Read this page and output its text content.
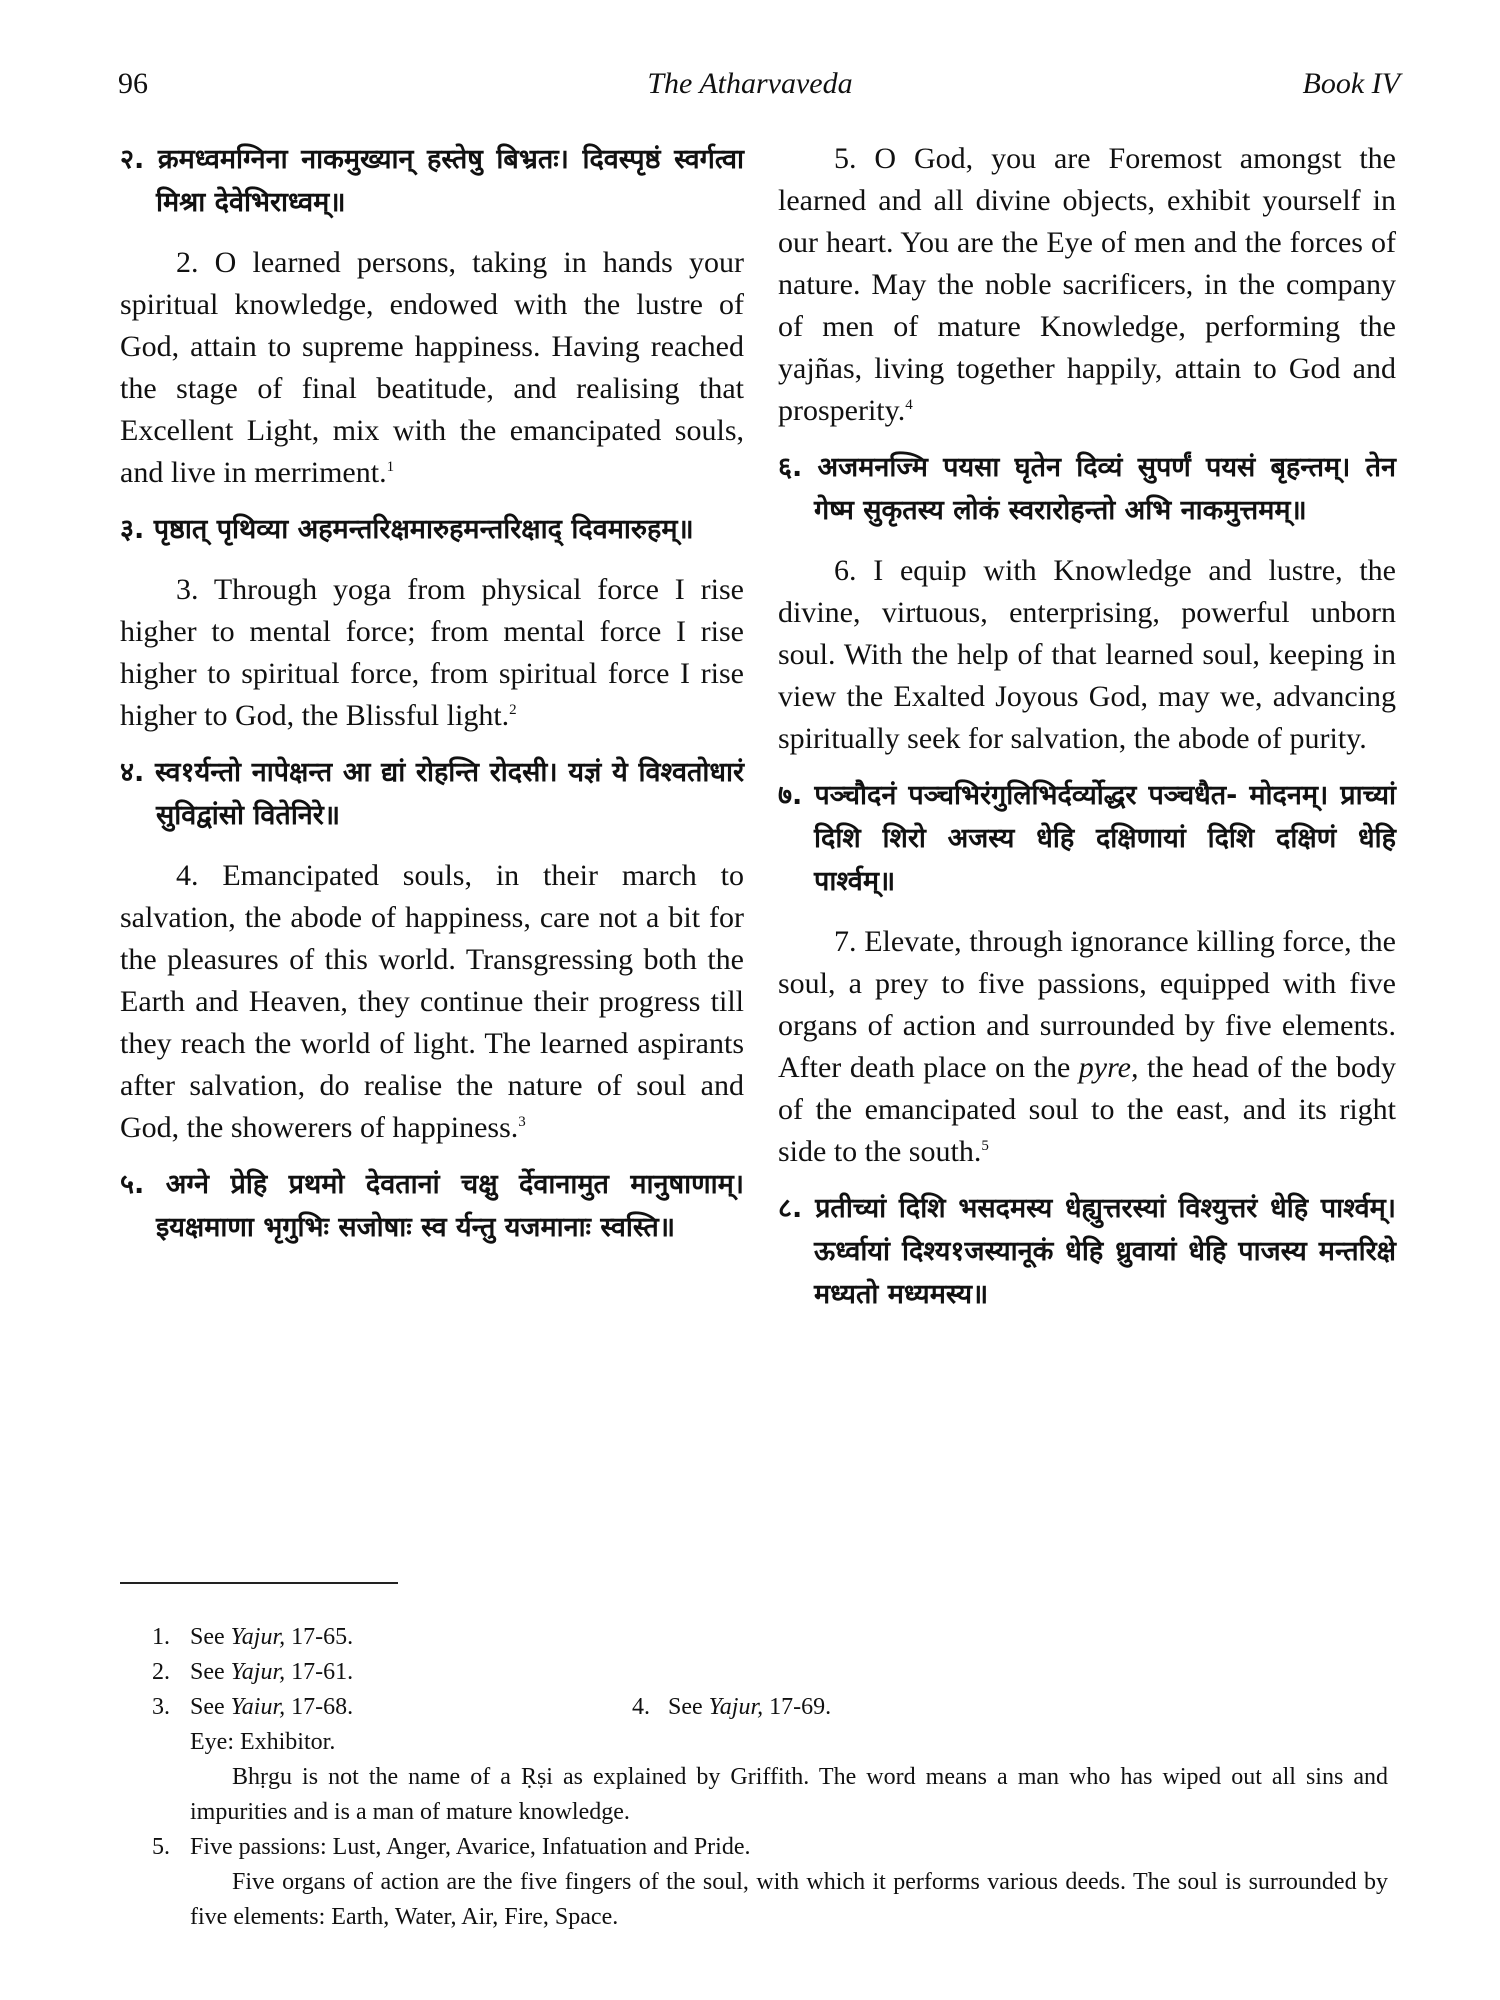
96	The Atharvaveda	Book IV

२. क्रमध्वमग्निना नाकमुख्यान् हस्तेषु बिभ्रतः। दिवस्पृष्ठं स्वर्गत्वा मिश्रा देवेभिराध्वम्॥

2. O learned persons, taking in hands your spiritual knowledge, endowed with the lustre of God, attain to supreme happiness. Having reached the stage of final beatitude, and realising that Excellent Light, mix with the emancipated souls, and live in merriment.$^1$

३. पृष्ठात् पृथिव्या अहमन्तरिक्षमारुहमन्तरिक्षाद् दिवमारुहम्॥

3. Through yoga from physical force I rise higher to mental force; from mental force I rise higher to spiritual force, from spiritual force I rise higher to God, the Blissful light.$^2$

४. स्व१र्यन्तो नापेक्षन्त आ द्यां रोहन्ति रोदसी। यज्ञं ये विश्वतोधारं सुविद्वांसो वितेनिरे॥

4. Emancipated souls, in their march to salvation, the abode of happiness, care not a bit for the pleasures of this world. Transgressing both the Earth and Heaven, they continue their progress till they reach the world of light. The learned aspirants after salvation, do realise the nature of soul and God, the showerers of happiness.$^3$

५. अग्ने प्रेहि प्रथमो देवतानां चक्षु र्देवानामुत मानुषाणाम्। इयक्षमाणा भृगुभिः सजोषाः स्व र्यन्तु यजमानाः स्वस्ति॥

5. O God, you are Foremost amongst the learned and all divine objects, exhibit yourself in our heart. You are the Eye of men and the forces of nature. May the noble sacrificers, in the company of men of mature Knowledge, performing the yajñas, living together happily, attain to God and prosperity.$^4$

६. अजमनज्मि पयसा घृतेन दिव्यं सुपर्णं पयसं बृहन्तम्। तेन गेष्म सुकृतस्य लोकं स्वरारोहन्तो अभि नाकमुत्तमम्॥

6. I equip with Knowledge and lustre, the divine, virtuous, enterprising, powerful unborn soul. With the help of that learned soul, keeping in view the Exalted Joyous God, may we, advancing spiritually seek for salvation, the abode of purity.

७. पञ्चौदनं पञ्चभिरंगुलिभिर्दर्व्योद्धर पञ्चधैत- मोदनम्। प्राच्यां दिशि शिरो अजस्य धेहि दक्षिणायां दिशि दक्षिणं धेहि पार्श्वम्॥

7. Elevate, through ignorance killing force, the soul, a prey to five passions, equipped with five organs of action and surrounded by five elements. After death place on the pyre, the head of the body of the emancipated soul to the east, and its right side to the south.$^5$

८. प्रतीच्यां दिशि भसदमस्य धेह्युत्तरस्यां विश्युत्तरं धेहि पार्श्वम्। ऊर्ध्वायां दिश्य१जस्यानूकं धेहि ध्रुवायां धेहि पाजस्य मन्तरिक्षे मध्यतो मध्यमस्य॥

1. See Yajur, 17-65.

2. See Yajur, 17-61.

3. See Yaiur, 17-68.	4. See Yajur, 17-69.

Eye: Exhibitor.

Bhṛgu is not the name of a Ṛṣi as explained by Griffith. The word means a man who has wiped out all sins and impurities and is a man of mature knowledge.

5. Five passions: Lust, Anger, Avarice, Infatuation and Pride.

Five organs of action are the five fingers of the soul, with which it performs various deeds. The soul is surrounded by five elements: Earth, Water, Air, Fire, Space.
